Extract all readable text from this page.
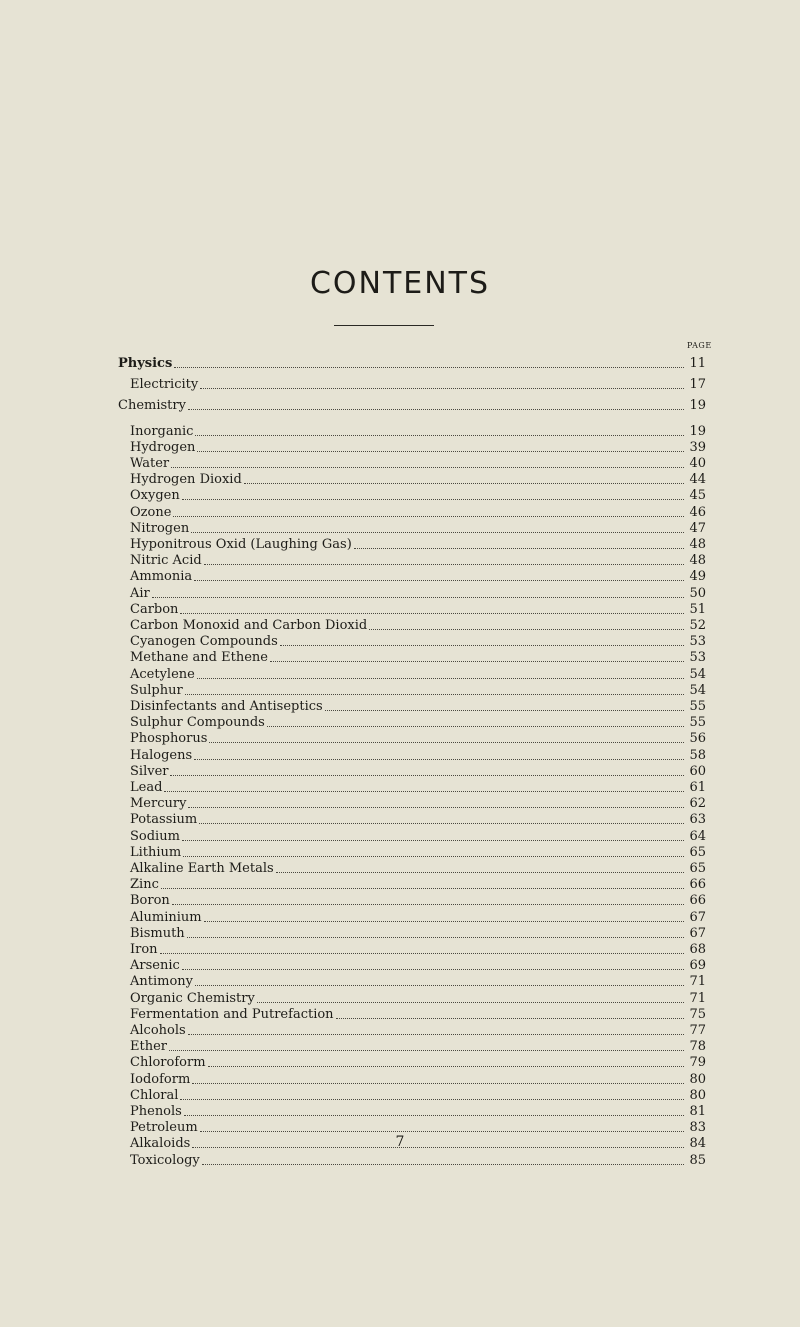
CONTENTS
PAGE
Physics	11
Electricity	17
Chemistry	19
Inorganic	19
Hydrogen	39
Water	40
Hydrogen Dioxid	44
Oxygen	45
Ozone	46
Nitrogen	47
Hyponitrous Oxid (Laughing Gas)	48
Nitric Acid	48
Ammonia	49
Air	50
Carbon	51
Carbon Monoxid and Carbon Dioxid	52
Cyanogen Compounds	53
Methane and Ethene	53
Acetylene	54
Sulphur	54
Disinfectants and Antiseptics	55
Sulphur Compounds	55
Phosphorus	56
Halogens	58
Silver	60
Lead	61
Mercury	62
Potassium	63
Sodium	64
Lithium	65
Alkaline Earth Metals	65
Zinc	66
Boron	66
Aluminium	67
Bismuth	67
Iron	68
Arsenic	69
Antimony	71
Organic Chemistry	71
Fermentation and Putrefaction	75
Alcohols	77
Ether	78
Chloroform	79
Iodoform	80
Chloral	80
Phenols	81
Petroleum	83
Alkaloids	84
Toxicology	85
7
